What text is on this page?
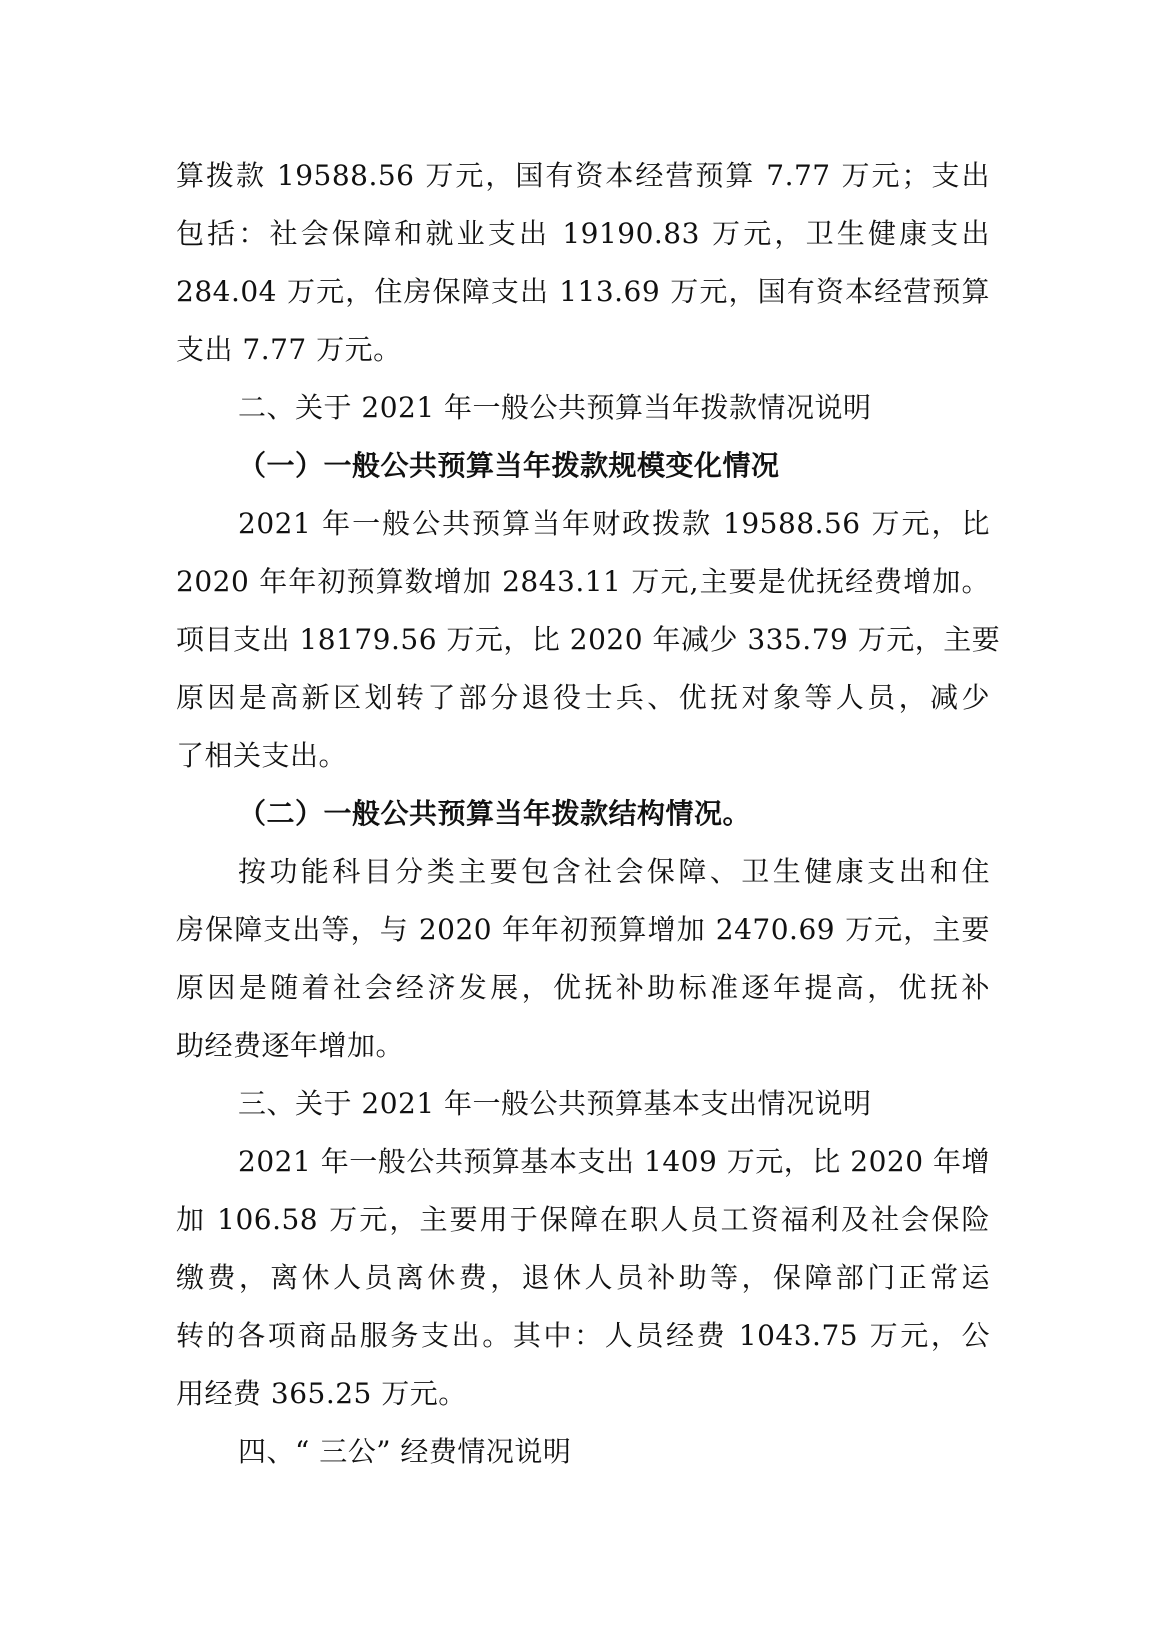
算拨款 19588.56 万元，国有资本经营预算 7.77 万元；支出
包括：社会保障和就业支出 19190.83 万元，卫生健康支出
284.04 万元，住房保障支出 113.69 万元，国有资本经营预算
支出 7.77 万元。
二、关于 2021 年一般公共预算当年拨款情况说明
（一）一般公共预算当年拨款规模变化情况
2021 年一般公共预算当年财政拨款 19588.56 万元，比
2020 年年初预算数增加 2843.11 万元,主要是优抚经费增加。
项目支出 18179.56 万元，比 2020 年减少 335.79 万元，主要
原因是高新区划转了部分退役士兵、优抚对象等人员，减少
了相关支出。
（二）一般公共预算当年拨款结构情况。
按功能科目分类主要包含社会保障、卫生健康支出和住
房保障支出等，与 2020 年年初预算增加 2470.69 万元，主要
原因是随着社会经济发展，优抚补助标准逐年提高，优抚补
助经费逐年增加。
三、关于 2021 年一般公共预算基本支出情况说明
2021 年一般公共预算基本支出 1409 万元，比 2020 年增
加 106.58 万元，主要用于保障在职人员工资福利及社会保险
缴费，离休人员离休费，退休人员补助等，保障部门正常运
转的各项商品服务支出。其中：人员经费 1043.75 万元，公
用经费 365.25 万元。
四、“ 三公” 经费情况说明
